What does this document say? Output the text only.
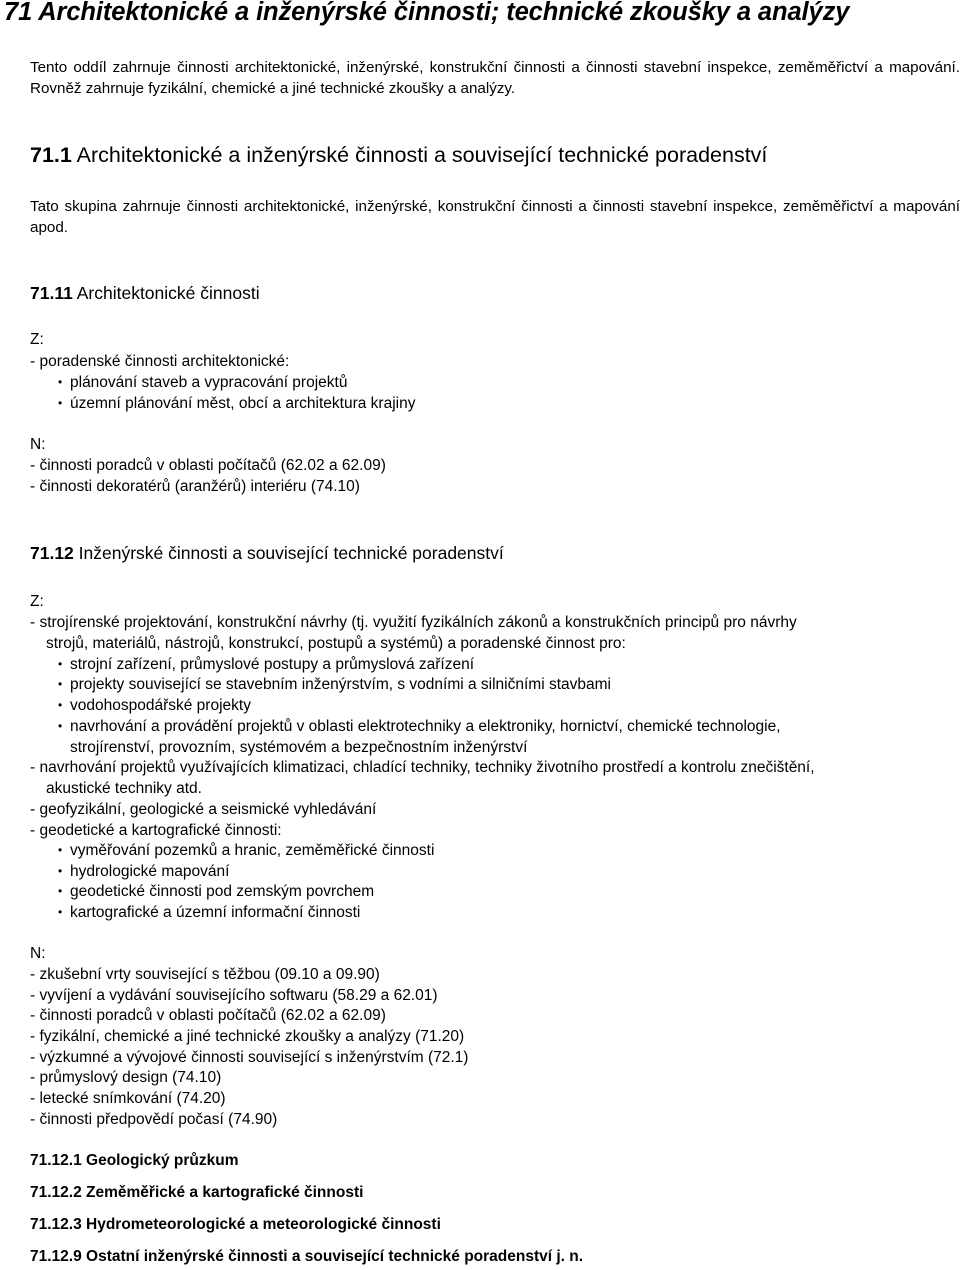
71 Architektonické a inženýrské činnosti; technické zkoušky a analýzy
Tento oddíl zahrnuje činnosti architektonické, inženýrské, konstrukční činnosti a činnosti stavební inspekce, zeměměřictví a mapování. Rovněž zahrnuje fyzikální, chemické a jiné technické zkoušky a analýzy.
71.1 Architektonické a inženýrské činnosti a související technické poradenství
Tato skupina zahrnuje činnosti architektonické, inženýrské, konstrukční činnosti a činnosti stavební inspekce, zeměměřictví a mapování apod.
71.11 Architektonické činnosti
Z:
- poradenské činnosti architektonické:
• plánování staveb a vypracování projektů
• územní plánování měst, obcí a architektura krajiny
N:
- činnosti poradců v oblasti počítačů (62.02 a 62.09)
- činnosti dekoratérů (aranžérů) interiéru (74.10)
71.12 Inženýrské činnosti a související technické poradenství
Z:
- strojírenské projektování, konstrukční návrhy (tj. využití fyzikálních zákonů a konstrukčních principů pro návrhy
strojů, materiálů, nástrojů, konstrukcí, postupů a systémů) a poradenské činnost pro:
• strojní zařízení, průmyslové postupy a průmyslová zařízení
• projekty související se stavebním inženýrstvím, s vodními a silničními stavbami
• vodohospodářské projekty
• navrhování a provádění projektů v oblasti elektrotechniky a elektroniky, hornictví, chemické technologie,
strojírenství, provozním, systémovém a bezpečnostním inženýrství
- navrhování projektů využívajících klimatizaci, chladící techniky, techniky životního prostředí a kontrolu znečištění,
akustické techniky atd.
- geofyzikální, geologické a seismické vyhledávání
- geodetické a kartografické činnosti:
• vyměřování pozemků a hranic, zeměměřické činnosti
• hydrologické mapování
• geodetické činnosti pod zemským povrchem
• kartografické a územní informační činnosti
N:
- zkušební vrty související s těžbou (09.10 a 09.90)
- vyvíjení a vydávání souvisejícího softwaru (58.29 a 62.01)
- činnosti poradců v oblasti počítačů (62.02 a 62.09)
- fyzikální, chemické a jiné technické zkoušky a analýzy (71.20)
- výzkumné a vývojové činnosti související s inženýrstvím (72.1)
- průmyslový design (74.10)
- letecké snímkování (74.20)
- činnosti předpovědí počasí (74.90)
71.12.1 Geologický průzkum
71.12.2 Zeměměřické a kartografické činnosti
71.12.3 Hydrometeorologické a meteorologické činnosti
71.12.9 Ostatní inženýrské činnosti a související technické poradenství j. n.
